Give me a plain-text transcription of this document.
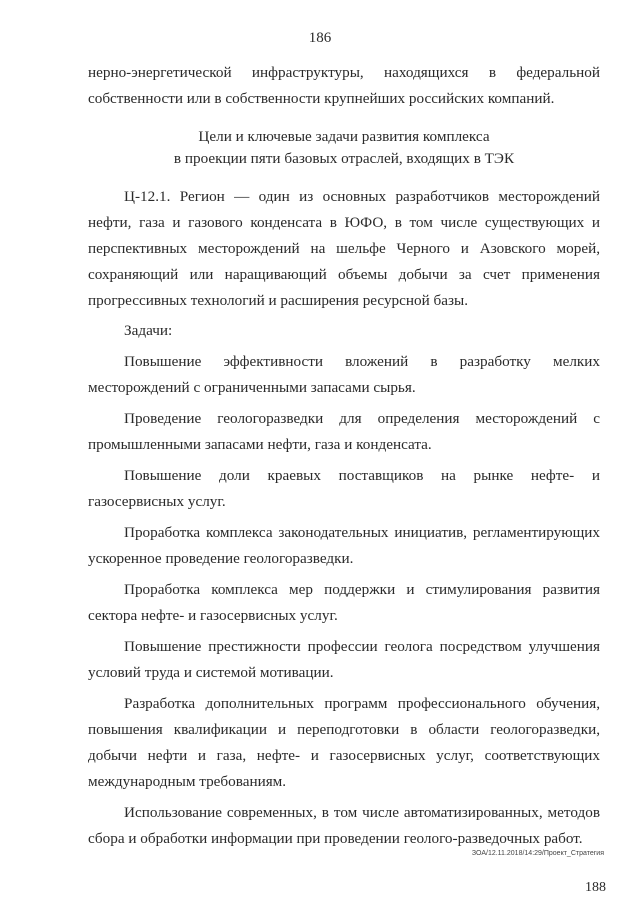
186

нерно-энергетической инфраструктуры, находящихся в федеральной собственности или в собственности крупнейших российских компаний.

Цели и ключевые задачи развития комплекса
в проекции пяти базовых отраслей, входящих в ТЭК

Ц-12.1. Регион — один из основных разработчиков месторождений нефти, газа и газового конденсата в ЮФО, в том числе существующих и перспективных месторождений на шельфе Черного и Азовского морей, сохраняющий или наращивающий объемы добычи за счет применения прогрессивных технологий и расширения ресурсной базы.

Задачи:

Повышение эффективности вложений в разработку мелких месторождений с ограниченными запасами сырья.

Проведение геологоразведки для определения месторождений с промышленными запасами нефти, газа и конденсата.

Повышение доли краевых поставщиков на рынке нефте- и газосервисных услуг.

Проработка комплекса законодательных инициатив, регламентирующих ускоренное проведение геологоразведки.

Проработка комплекса мер поддержки и стимулирования развития сектора нефте- и газосервисных услуг.

Повышение престижности профессии геолога посредством улучшения условий труда и системой мотивации.

Разработка дополнительных программ профессионального обучения, повышения квалификации и переподготовки в области геологоразведки, добычи нефти и газа, нефте- и газосервисных услуг, соответствующих международным требованиям.

Использование современных, в том числе автоматизированных, методов сбора и обработки информации при проведении геолого-разведочных работ.

ЗОА/12.11.2018/14:29/Проект_Стратегия
188
